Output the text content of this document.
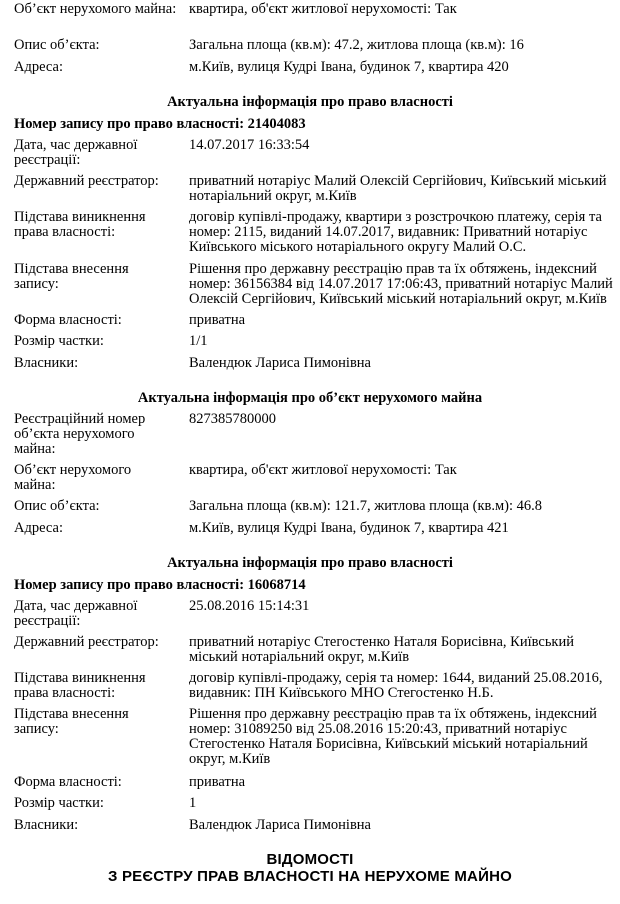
Об’єкт нерухомого майна: квартира, об'єкт житлової нерухомості: Так
Опис об’єкта:	Загальна площа (кв.м): 47.2, житлова площа (кв.м): 16
Адреса:	м.Київ, вулиця Кудрі Івана, будинок 7, квартира 420
Актуальна інформація про право власності
Номер запису про право власності: 21404083
Дата, час державної реєстрації:
14.07.2017 16:33:54
Державний реєстратор:	приватний нотаріус Малий Олексій Сергійович, Київський міський нотаріальний округ, м.Київ
Підстава виникнення права власності:
договір купівлі-продажу, квартири з розстрочкою платежу, серія та номер: 2115, виданий 14.07.2017, видавник: Приватний нотаріус Київського міського нотаріального округу Малий О.С.
Підстава внесення запису:
Рішення про державну реєстрацію прав та їх обтяжень, індексний номер: 36156384 від 14.07.2017 17:06:43, приватний нотаріус Малий Олексій Сергійович, Київський міський нотаріальний округ, м.Київ
Форма власності:	приватна
Розмір частки:	1/1
Власники:	Валендюк Лариса Пимонівна
Актуальна інформація про об’єкт нерухомого майна
Реєстраційний номер об’єкта нерухомого майна:
827385780000
Об’єкт нерухомого майна:
квартира, об'єкт житлової нерухомості: Так
Опис об’єкта:	Загальна площа (кв.м): 121.7, житлова площа (кв.м): 46.8
Адреса:	м.Київ, вулиця Кудрі Івана, будинок 7, квартира 421
Актуальна інформація про право власності
Номер запису про право власності: 16068714
Дата, час державної реєстрації:
25.08.2016 15:14:31
Державний реєстратор:	приватний нотаріус Стегостенко Наталя Борисівна, Київський міський нотаріальний округ, м.Київ
Підстава виникнення права власності:
договір купівлі-продажу, серія та номер: 1644, виданий 25.08.2016, видавник: ПН Київського МНО Стегостенко Н.Б.
Підстава внесення запису:
Рішення про державну реєстрацію прав та їх обтяжень, індексний номер: 31089250 від 25.08.2016 15:20:43, приватний нотаріус Стегостенко Наталя Борисівна, Київський міський нотаріальний округ, м.Київ
Форма власності:	приватна
Розмір частки:	1
Власники:	Валендюк Лариса Пимонівна
ВІДОМОСТІ
З РЕЄСТРУ ПРАВ ВЛАСНОСТІ НА НЕРУХОМЕ МАЙНО
